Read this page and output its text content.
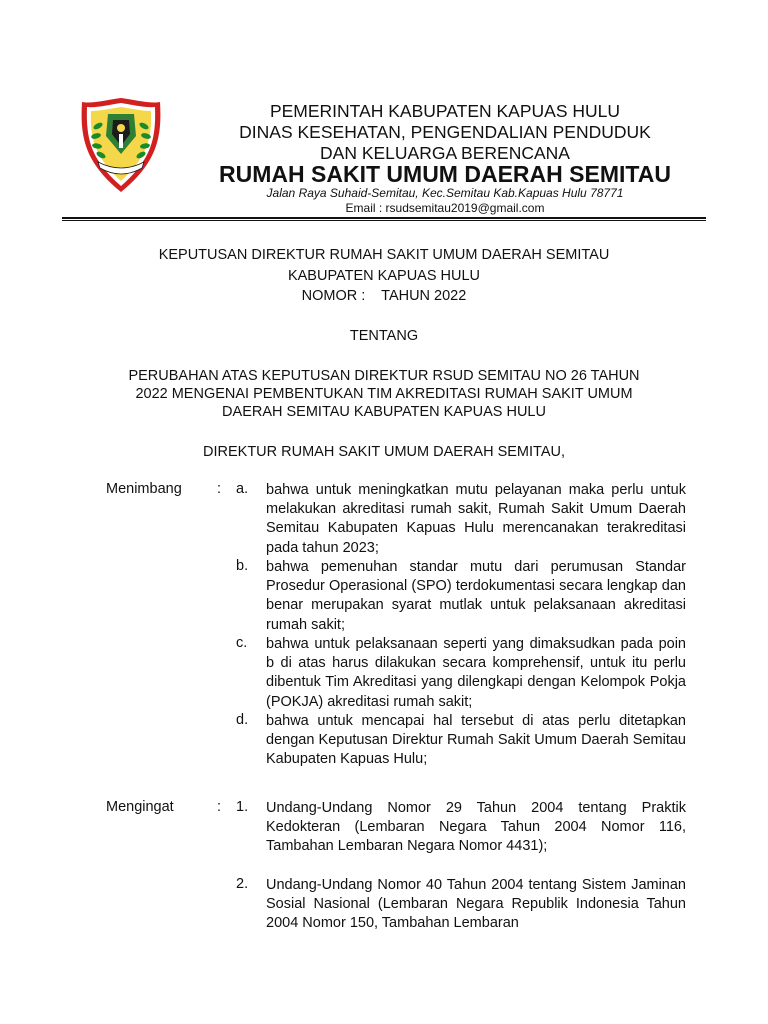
PEMERINTAH KABUPATEN KAPUAS HULU
DINAS KESEHATAN, PENGENDALIAN PENDUDUK
DAN KELUARGA BERENCANA
RUMAH SAKIT UMUM DAERAH SEMITAU
Jalan Raya Suhaid-Semitau, Kec.Semitau Kab.Kapuas Hulu 78771
Email : rsudsemitau2019@gmail.com
KEPUTUSAN DIREKTUR RUMAH SAKIT UMUM DAERAH SEMITAU
KABUPATEN KAPUAS HULU
NOMOR :    TAHUN 2022
TENTANG
PERUBAHAN ATAS KEPUTUSAN DIREKTUR RSUD SEMITAU NO 26 TAHUN
2022 MENGENAI PEMBENTUKAN TIM AKREDITASI RUMAH SAKIT UMUM
DAERAH SEMITAU KABUPATEN KAPUAS HULU
DIREKTUR RUMAH SAKIT UMUM DAERAH SEMITAU,
Menimbang : a. bahwa untuk meningkatkan mutu pelayanan maka perlu untuk melakukan akreditasi rumah sakit, Rumah Sakit Umum Daerah Semitau Kabupaten Kapuas Hulu merencanakan terakreditasi pada tahun 2023;
b. bahwa pemenuhan standar mutu dari perumusan Standar Prosedur Operasional (SPO) terdokumentasi secara lengkap dan benar merupakan syarat mutlak untuk pelaksanaan akreditasi rumah sakit;
c. bahwa untuk pelaksanaan seperti yang dimaksudkan pada poin b di atas harus dilakukan secara komprehensif, untuk itu perlu dibentuk Tim Akreditasi yang dilengkapi dengan Kelompok Pokja (POKJA) akreditasi rumah sakit;
d. bahwa untuk mencapai hal tersebut di atas perlu ditetapkan dengan Keputusan Direktur Rumah Sakit Umum Daerah Semitau Kabupaten Kapuas Hulu;
Mengingat	: 1. Undang-Undang Nomor 29 Tahun 2004 tentang Praktik Kedokteran (Lembaran Negara Tahun 2004 Nomor 116, Tambahan Lembaran Negara Nomor 4431);
2. Undang-Undang Nomor 40 Tahun 2004 tentang Sistem Jaminan Sosial Nasional (Lembaran Negara Republik Indonesia Tahun 2004 Nomor 150, Tambahan Lembaran
